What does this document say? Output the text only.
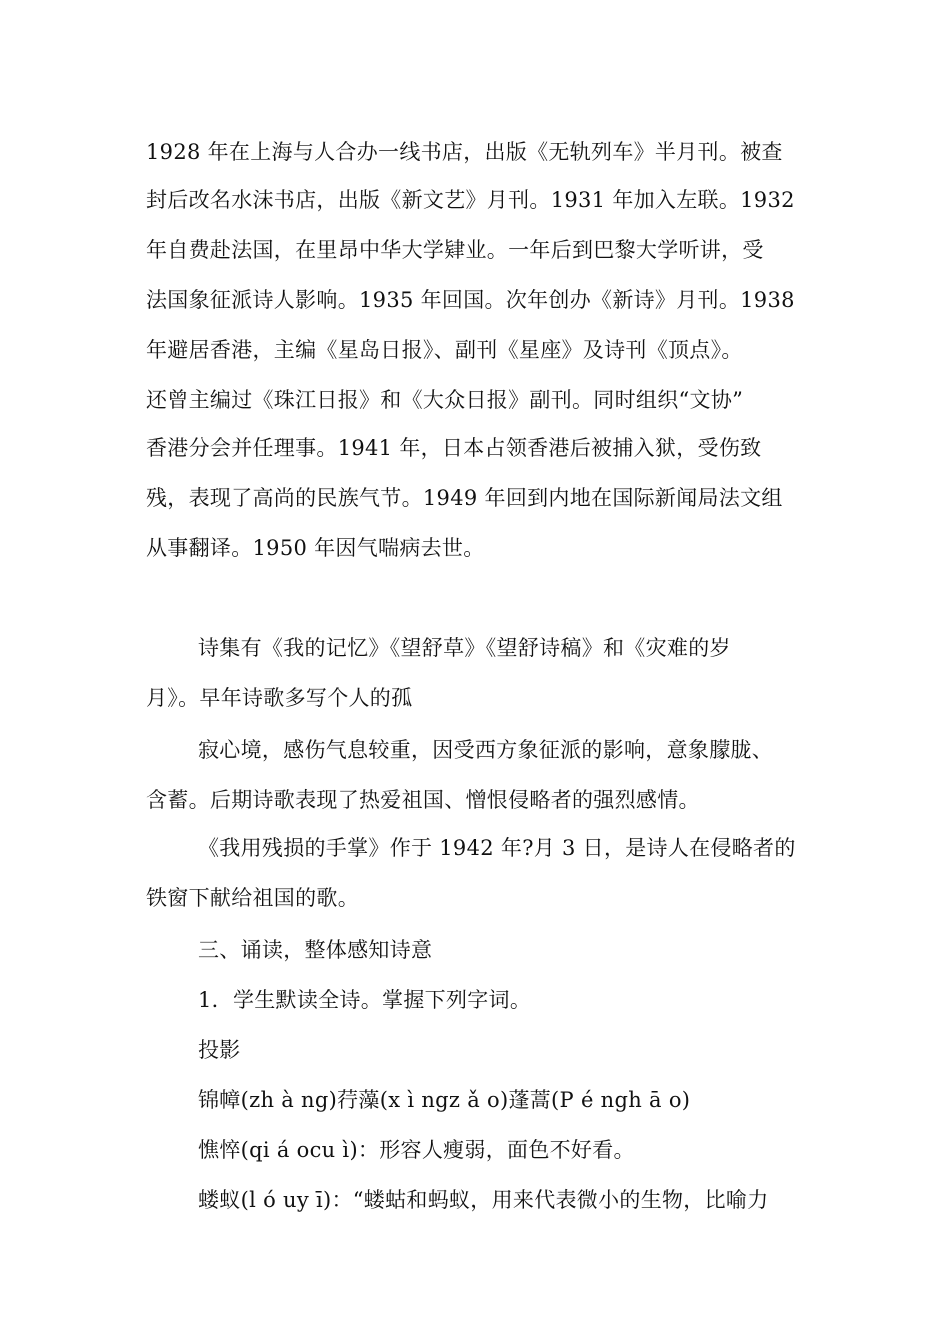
1928 年在上海与人合办一线书店，出版《无轨列车》半月刊。被查
封后改名水沫书店，出版《新文艺》月刊。1931 年加入左联。1932
年自费赴法国，在里昂中华大学肄业。一年后到巴黎大学听讲，受
法国象征派诗人影响。1935 年回国。次年创办《新诗》月刊。1938
年避居香港，主编《星岛日报》、副刊《星座》及诗刊《顶点》。
还曾主编过《珠江日报》和《大众日报》副刊。同时组织“文协”
香港分会并任理事。1941 年，日本占领香港后被捕入狱，受伤致
残，表现了高尚的民族气节。1949 年回到内地在国际新闻局法文组
从事翻译。1950 年因气喘病去世。
诗集有《我的记忆》《望舒草》《望舒诗稿》和《灾难的岁
月》。早年诗歌多写个人的孤
寂心境，感伤气息较重，因受西方象征派的影响，意象朦胧、
含蓄。后期诗歌表现了热爱祖国、憎恨侵略者的强烈感情。
《我用残损的手掌》作于 1942 年?月 3 日，是诗人在侵略者的
铁窗下献给祖国的歌。
三、诵读，整体感知诗意
1．学生默读全诗。掌握下列字词。
投影
锦幛(zh à ng)荇藻(x ì ngz ǎ o)蓬蒿(P é ngh ā o)
憔悴(qi á ocu ì)：形容人瘦弱，面色不好看。
蝼蚁(l ó uy ī)：“蝼蛄和蚂蚁，用来代表微小的生物，比喻力
